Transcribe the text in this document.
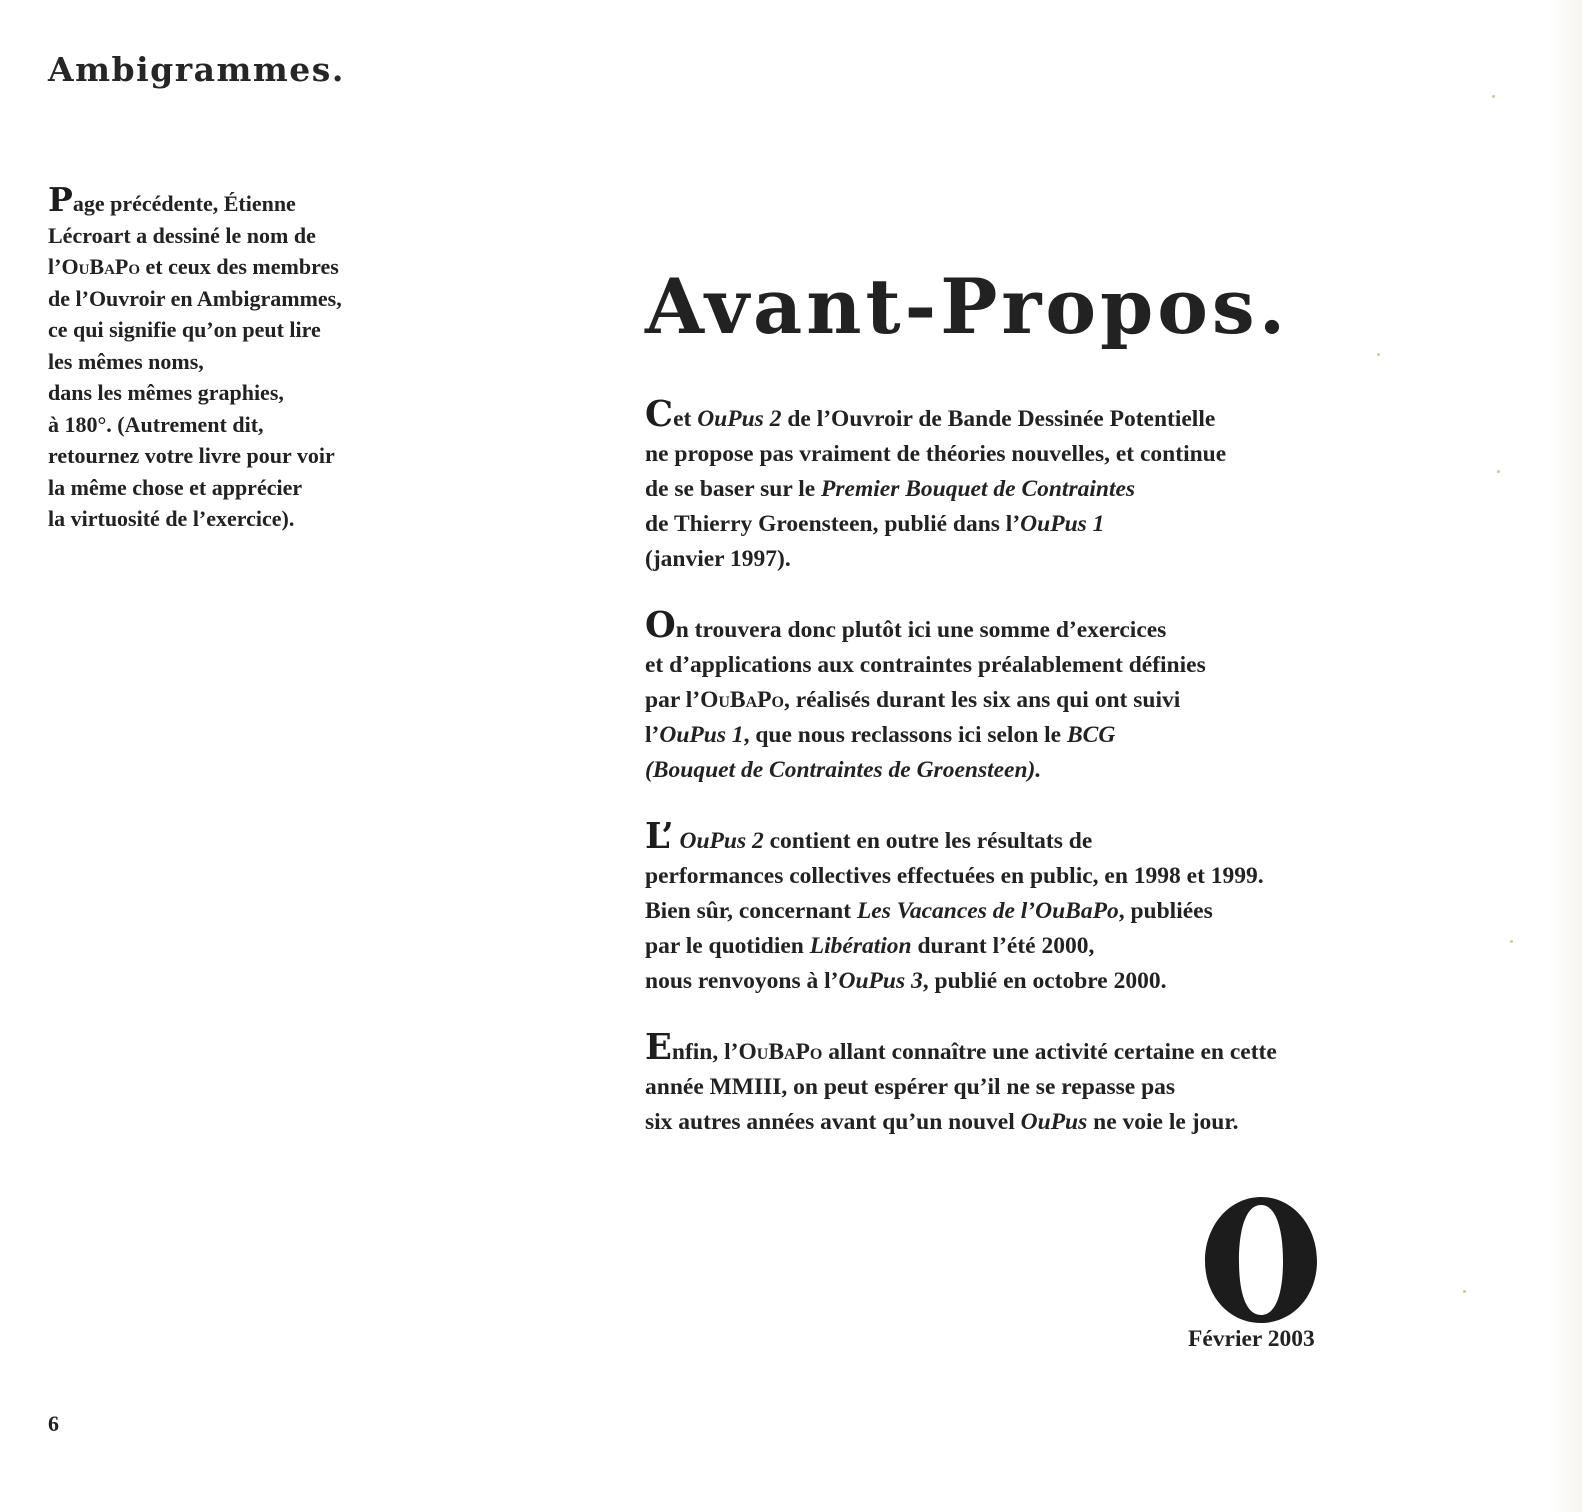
Ambigrammes.
Page précédente, Étienne
Lécroart a dessiné le nom de
l’OuBaPo et ceux des membres
de l’Ouvroir en Ambigrammes,
ce qui signifie qu’on peut lire
les mêmes noms,
dans les mêmes graphies,
à 180°. (Autrement dit,
retournez votre livre pour voir
la même chose et apprécier
la virtuosité de l’exercice).
Avant-Propos.
Cet OuPus 2 de l’Ouvroir de Bande Dessinée Potentielle
ne propose pas vraiment de théories nouvelles, et continue
de se baser sur le Premier Bouquet de Contraintes
de Thierry Groensteen, publié dans l’OuPus 1
(janvier 1997).
On trouvera donc plutôt ici une somme d’exercices
et d’applications aux contraintes préalablement définies
par l’OuBaPo, réalisés durant les six ans qui ont suivi
l’OuPus 1, que nous reclassons ici selon le BCG
(Bouquet de Contraintes de Groensteen).
L’ OuPus 2 contient en outre les résultats de
performances collectives effectuées en public, en 1998 et 1999.
Bien sûr, concernant Les Vacances de l’OuBaPo, publiées
par le quotidien Libération durant l’été 2000,
nous renvoyons à l’OuPus 3, publié en octobre 2000.
Enfin, l’OuBaPo allant connaître une activité certaine en cette
année MMIII, on peut espérer qu’il ne se repasse pas
six autres années avant qu’un nouvel OuPus ne voie le jour.
Février 2003
6
